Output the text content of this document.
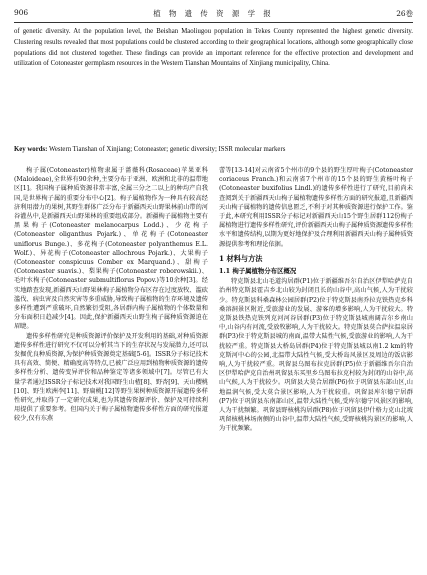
906	植 物 遗 传 资 源 学 报	26卷

of genetic diversity. At the population level, the Beishan Maoliugou population in Tekes County represented the highest genetic diversity. Clustering results revealed that most populations could be clustered according to their geographical locations, although some geographically close populations did not clustered together. These findings can provide an important reference for the effective protection and development and utilization of Cotoneaster germplasm resources in the Western Tianshan Mountains of Xinjiang municipality, China.

Key words: Western Tianshan of Xinjiang; Cotoneaster; genetic diversity; ISSR molecular markers

栒子属(Cotoneaster)植物隶属于蔷薇科(Rosaceae)苹果亚科(Maloideae),全世界有90余种,主要分布于亚洲、欧洲和北非的温带地区[1]。我国栒子属种质资源非常丰富,全属三分之二以上的种均产自我国,是世界栒子属的重要分布中心[2]。栒子属植物作为一种具有较高经济利用潜力的果树,其野生群体广泛分布于新疆西天山野果林前山带的河谷灌丛中,是新疆西天山野果林的重要组成部分。新疆栒子属植物主要有黑果栒子(Cotoneaster melanocarpus Lodd.)、少花栒子(Cotoneaster oliganthus Pojark.)、单花栒子(Cotoneaster uniflorus Bunge.)、多花栒子(Cotoneaster polyanthemus E.L. Wolf.)、异花栒子(Cotoneaster allochrous Pojark.)、大果栒子(Cotoneaster conspicuus Comber ex Marquand.)、甜栒子(Cotoneaster suavis.)、梨果栒子(Cotoneaster roborowskii.)、毛叶水栒子(Cotoneaster submultiflorus Popov.)等10余种[3]。经实地踏查发现,新疆西天山野果林栒子属植物分布区存在过度放牧、滥砍滥伐、病虫害及自然灾害等多重威胁,导致栒子属植物的生存环境及遗传多样性遭到严重破坏,自然繁衍受阻,各居群内栒子属植物的个体数量和分布面积日趋减少[4]。因此,保护新疆西天山野生栒子属种质资源迫在眉睫。

遗传多样性研究是种质资源评价保护及开发利用的基础,对种质资源遗传多样性进行研究不仅可以分析其当下的生存状况与发展潜力,还可以发掘优良种质资源,为保护种质资源奠定基础[5-6]。ISSR分子标记技术具有高效、简便、精确度高等特点,已被广泛应用到植物种质资源的遗传多样性分析、遗传变异评价和品种鉴定等诸多领域中[7]。尽管已有大量学者通过ISSR分子标记技术对我国野生山楂[8]、野杏[9]、天山樱桃[10]、野生欧洲李[11]、野扁桃[12]等野生果树种质资源开展遗传多样性研究,并取得了一定研究成果,也为其遗传资源评价、保护及可持续利用提供了重要参考。但国内关于栒子属植物遗传多样性方面的研究报道较少,仅有东燕

蕾等[13-14]对云南省5个州市的9个县的野生厚叶栒子(Cotoneaster coriaceus Franch.)和云南省7个州市的15个县的野生黄杨叶栒子(Cotoneaster buxifolius Lindl.)的遗传多样性进行了研究,目前尚未查阅到关于新疆西天山栒子属植物遗传多样性方面的研究报道,且新疆西天山栒子属植物的遗传信息匮乏,不利于对其种质资源进行保护工作。鉴于此,本研究利用ISSR分子标记对新疆西天山15个野生居群112份栒子属植物进行遗传多样性研究,评价新疆西天山栒子属种质资源遗传多样性水平和遗传结构,以期为更好地保护及合理利用新疆西天山栒子属种质资源提供参考和理论依据。

1 材料与方法
1.1 栒子属植物分布区概况

特克斯县北山毛道沟居群(P1)位于新疆维吾尔自治区伊犁哈萨克自治州特克斯县霍吉乡北山较为封闭且长的山谷中,高山气候,人为干扰较少。特克斯县科桑森林公园居群(P2)位于特克斯县南乔拉克铁热克乡科桑溶洞景区附近,受旅游业的发展、游客的增多影响,人为干扰较大。特克斯县铁热克铁列克河河谷居群(P3)位于特克斯县城南阔吉尔乡南山中,山谷内有河流,受放牧影响,人为干扰较大。特克斯县莫合萨拉温泉居群(P3)位于特克斯县城的南面,温带大陆性气候,受旅游业的影响,人为干扰较严重。特克斯县大桥岛居群(P4)位于特克斯县城以南1.2 km的特克斯河中心的公园,北温带大陆性气候,受大桥岛风景区及周边的饭店影响,人为干扰较严重。巩留县乌图布拉克居群(P5)位于新疆维吾尔自治区伊犁哈萨克自治州巩留县东买里乡乌图布拉克村较为封闭的山谷中,高山气候,人为干扰较少。巩留县大莫合居群(P6)位于巩留县东部山区,山地温润气候,受大莫合景区影响,人为干扰较重。巩留县库尔德宁居群(P7)位于巩留县东南部山区,温带大陆性气候,受库尔德宁风景区的影响,人为干扰频繁。巩留县野核桃沟居群(P8)位于巩留县伊什格力克山北坡巩留核桃林场南侧的山谷中,温带大陆性气候,受野核桃沟景区的影响,人为干扰频繁。
